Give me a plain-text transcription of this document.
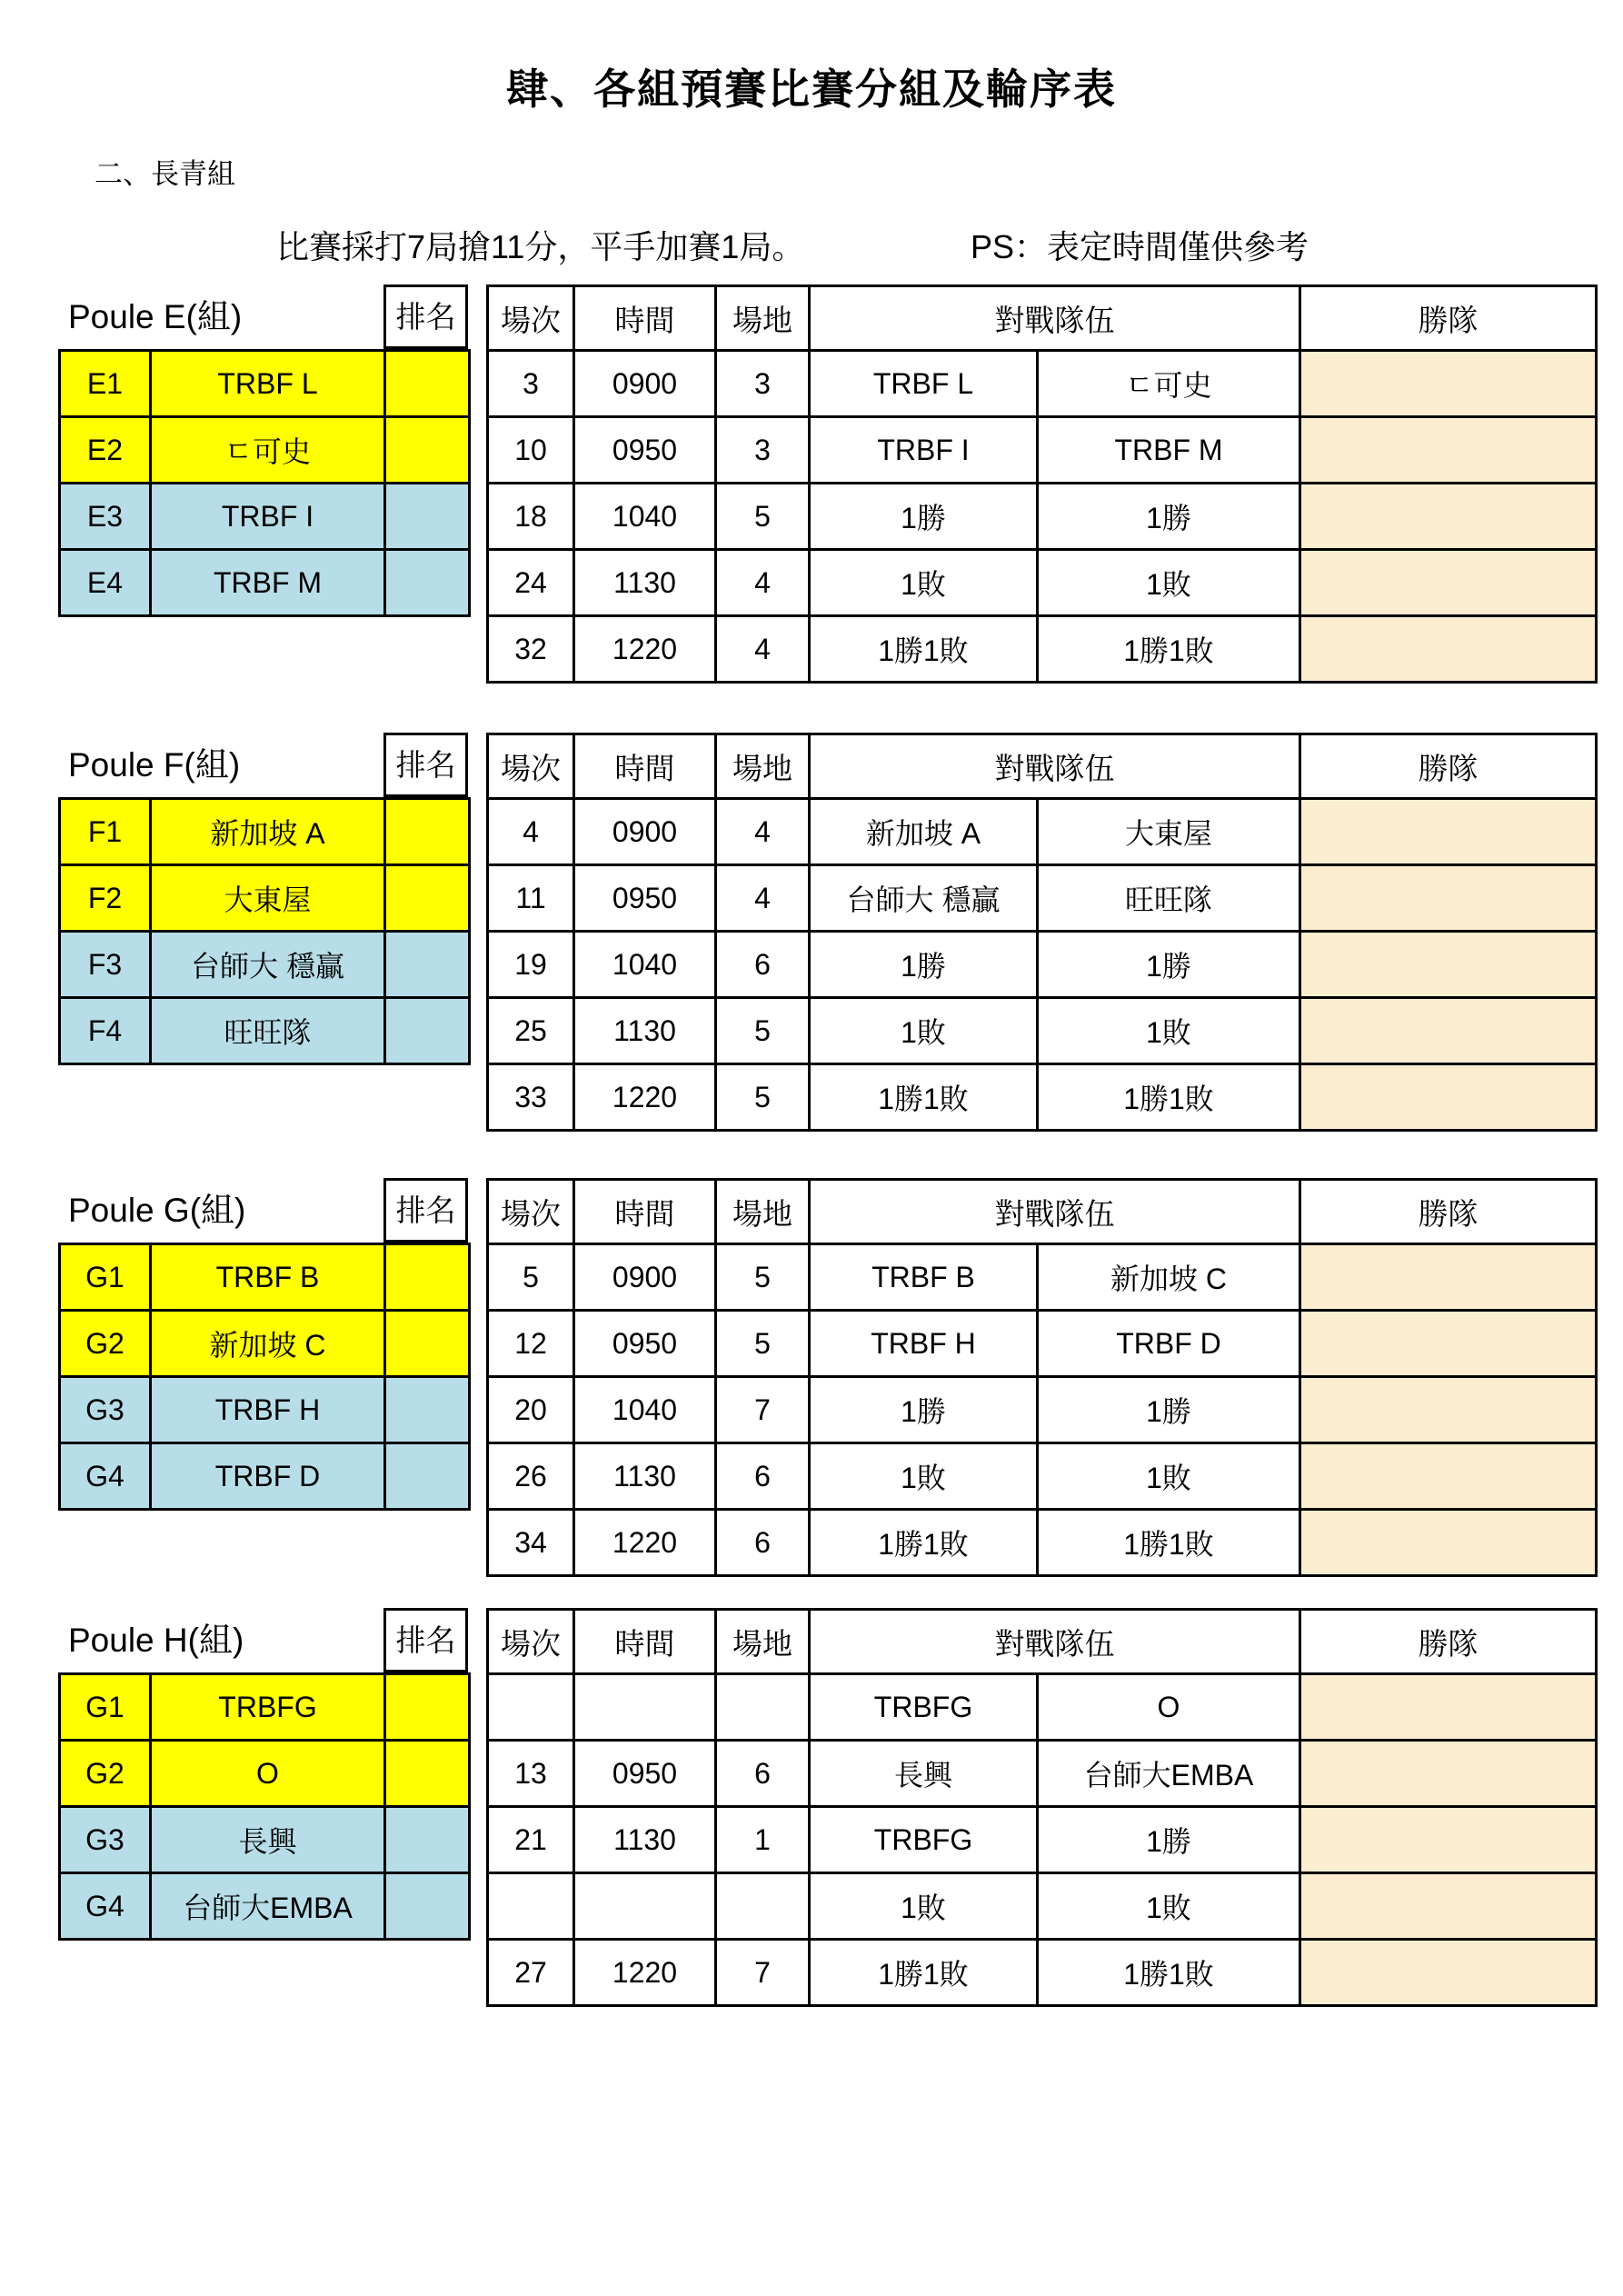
肆、各組預賽比賽分組及輪序表
二、長青組
比賽採打7局搶11分，平手加賽1局。	PS：表定時間僅供參考
Poule E(組)	排名
E1	TRBF L	
E2	ㄷ可史	
E3	TRBF I	
E4	TRBF M	
場次	時間	場地	對戰隊伍		勝隊
3	0900	3	TRBF L	ㄷ可史	
10	0950	3	TRBF I	TRBF M	
18	1040	5	1勝	1勝	
24	1130	4	1敗	1敗	
32	1220	4	1勝1敗	1勝1敗	
Poule F(組)	排名
F1	新加坡 A	
F2	大東屋	
F3	台師大 穩贏	
F4	旺旺隊	
場次	時間	場地	對戰隊伍		勝隊
4	0900	4	新加坡 A	大東屋	
11	0950	4	台師大 穩贏	旺旺隊	
19	1040	6	1勝	1勝	
25	1130	5	1敗	1敗	
33	1220	5	1勝1敗	1勝1敗	
Poule G(組)	排名
G1	TRBF B	
G2	新加坡 C	
G3	TRBF H	
G4	TRBF D	
場次	時間	場地	對戰隊伍		勝隊
5	0900	5	TRBF B	新加坡 C	
12	0950	5	TRBF H	TRBF D	
20	1040	7	1勝	1勝	
26	1130	6	1敗	1敗	
34	1220	6	1勝1敗	1勝1敗	
Poule H(組)	排名
G1	TRBFG	
G2	O	
G3	長興	
G4	台師大EMBA	
場次	時間	場地	對戰隊伍		勝隊
			TRBFG	O	
13	0950	6	長興	台師大EMBA	
21	1130	1	TRBFG	1勝	
			1敗	1敗	
27	1220	7	1勝1敗	1勝1敗	
